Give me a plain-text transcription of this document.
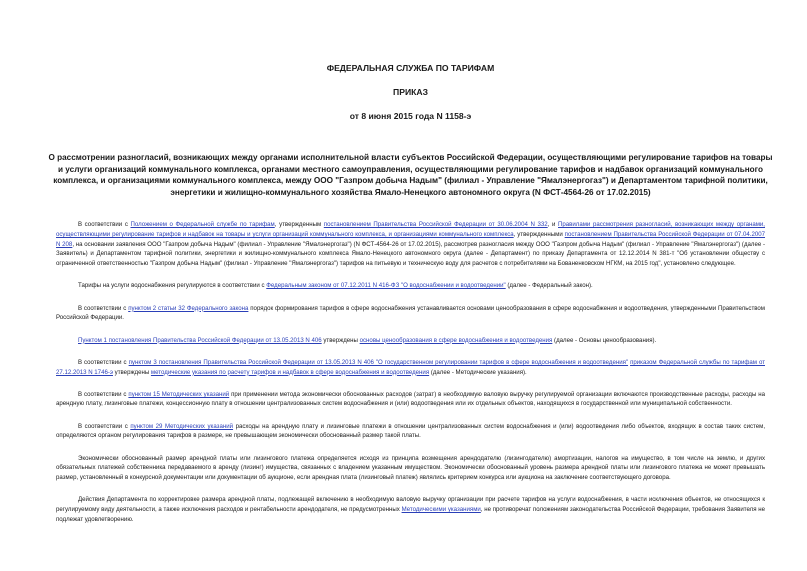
ФЕДЕРАЛЬНАЯ СЛУЖБА ПО ТАРИФАМ
ПРИКАЗ
от 8 июня 2015 года N 1158-э
О рассмотрении разногласий, возникающих между органами исполнительной власти субъектов Российской Федерации, осуществляющими регулирование тарифов на товары и услуги организаций коммунального комплекса, органами местного самоуправления, осуществляющими регулирование тарифов и надбавок организаций коммунального комплекса, и организациями коммунального комплекса, между ООО "Газпром добыча Надым" (филиал - Управление "Ямалэнергогаз") и Департаментом тарифной политики, энергетики и жилищно-коммунального хозяйства Ямало-Ненецкого автономного округа (N ФСТ-4564-26 от 17.02.2015)

В соответствии с Положением о Федеральной службе по тарифам, утвержденным постановлением Правительства Российской Федерации от 30.06.2004 N 332, и Правилами рассмотрения разногласий, возникающих между органами, осуществляющими регулирование тарифов и надбавок на товары и услуги организаций коммунального комплекса, и организациями коммунального комплекса, утвержденными постановлением Правительства Российской Федерации от 07.04.2007 N 208, на основании заявления ООО "Газпром добыча Надым" (филиал - Управление "Ямалэнергогаз") (N ФСТ-4564-26 от 17.02.2015), рассмотрев разногласия между ООО "Газпром добыча Надым" (филиал - Управление "Ямалэнергогаз") (далее - Заявитель) и Департаментом тарифной политики, энергетики и жилищно-коммунального комплекса Ямало-Ненецкого автономного округа (далее - Департамент) по приказу Департамента от 12.12.2014 N 381-т "Об установлении обществу с ограниченной ответственностью "Газпром добыча Надым" (филиал - Управление "Ямалэнергогаз") тарифов на питьевую и техническую воду для расчетов с потребителями на Бованенковском НГКМ, на 2015 год", установлено следующее.

Тарифы на услуги водоснабжения регулируются в соответствии с Федеральным законом от 07.12.2011 N 416-ФЗ "О водоснабжении и водоотведении" (далее - Федеральный закон).

В соответствии с пунктом 2 статьи 32 Федерального закона порядок формирования тарифов в сфере водоснабжения устанавливается основами ценообразования в сфере водоснабжения и водоотведения, утвержденными Правительством Российской Федерации.

Пунктом 1 постановления Правительства Российской Федерации от 13.05.2013 N 406 утверждены основы ценообразования в сфере водоснабжения и водоотведения (далее - Основы ценообразования).

В соответствии с пунктом 3 постановления Правительства Российской Федерации от 13.05.2013 N 406 "О государственном регулировании тарифов в сфере водоснабжения и водоотведения" приказом Федеральной службы по тарифам от 27.12.2013 N 1746-э утверждены методические указания по расчету тарифов и надбавок в сфере водоснабжения и водоотведения (далее - Методические указания).

В соответствии с пунктом 15 Методических указаний при применении метода экономически обоснованных расходов (затрат) в необходимую валовую выручку регулируемой организации включаются производственные расходы, расходы на арендную плату, лизинговые платежи, концессионную плату в отношении централизованных систем водоснабжения и (или) водоотведения или их отдельных объектов, находящихся в государственной или муниципальной собственности.

В соответствии с пунктом 29 Методических указаний расходы на арендную плату и лизинговые платежи в отношении централизованных систем водоснабжения и (или) водоотведения либо объектов, входящих в состав таких систем, определяются органом регулирования тарифов в размере, не превышающем экономически обоснованный размер такой платы.

Экономически обоснованный размер арендной платы или лизингового платежа определяется исходя из принципа возмещения арендодателю (лизингодателю) амортизации, налогов на имущество, в том числе на землю, и других обязательных платежей собственника передаваемого в аренду (лизинг) имущества, связанных с владением указанным имуществом. Экономически обоснованный уровень размера арендной платы или лизингового платежа не может превышать размер, установленный в конкурсной документации или документации об аукционе, если арендная плата (лизинговый платеж) являлись критерием конкурса или аукциона на заключение соответствующего договора.

Действия Департамента по корректировке размера арендной платы, подлежащей включению в необходимую валовую выручку организации при расчете тарифов на услуги водоснабжения, в части исключения объектов, не относящихся к регулируемому виду деятельности, а также исключения расходов и рентабельности арендодателя, не предусмотренных Методическими указаниями, не противоречат положениям законодательства Российской Федерации, требования Заявителя не подлежат удовлетворению.
